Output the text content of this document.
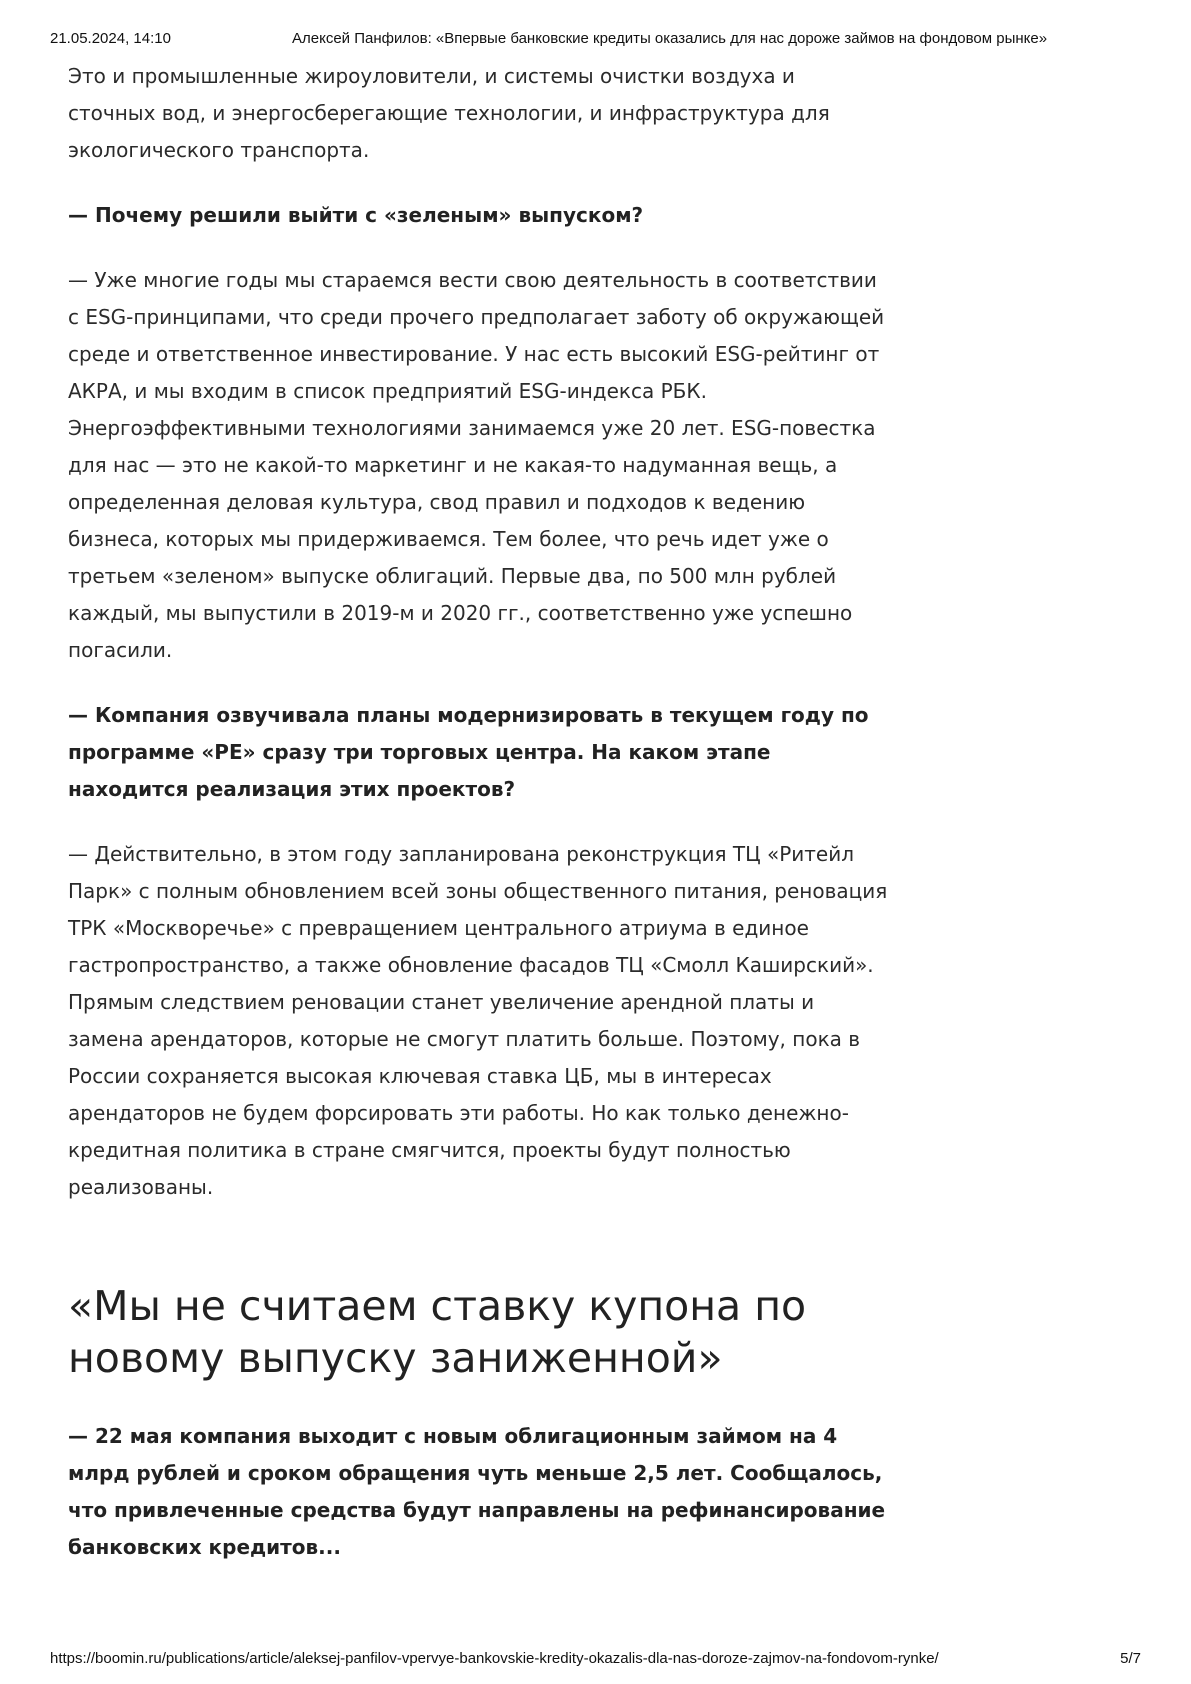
21.05.2024, 14:10	Алексей Панфилов: «Впервые банковские кредиты оказались для нас дороже займов на фондовом рынке»

Это и промышленные жироуловители, и системы очистки воздуха и сточных вод, и энергосберегающие технологии, и инфраструктура для экологического транспорта.

— Почему решили выйти с «зеленым» выпуском?

— Уже многие годы мы стараемся вести свою деятельность в соответствии с ESG-принципами, что среди прочего предполагает заботу об окружающей среде и ответственное инвестирование. У нас есть высокий ESG-рейтинг от АКРА, и мы входим в список предприятий ESG-индекса РБК. Энергоэффективными технологиями занимаемся уже 20 лет. ESG-повестка для нас — это не какой-то маркетинг и не какая-то надуманная вещь, а определенная деловая культура, свод правил и подходов к ведению бизнеса, которых мы придерживаемся. Тем более, что речь идет уже о третьем «зеленом» выпуске облигаций. Первые два, по 500 млн рублей каждый, мы выпустили в 2019-м и 2020 гг., соответственно уже успешно погасили.

— Компания озвучивала планы модернизировать в текущем году по программе «РЕ» сразу три торговых центра. На каком этапе находится реализация этих проектов?

— Действительно, в этом году запланирована реконструкция ТЦ «Ритейл Парк» с полным обновлением всей зоны общественного питания, реновация ТРК «Москворечье» с превращением центрального атриума в единое гастропространство, а также обновление фасадов ТЦ «Смолл Каширский». Прямым следствием реновации станет увеличение арендной платы и замена арендаторов, которые не смогут платить больше. Поэтому, пока в России сохраняется высокая ключевая ставка ЦБ, мы в интересах арендаторов не будем форсировать эти работы. Но как только денежно-кредитная политика в стране смягчится, проекты будут полностью реализованы.

«Мы не считаем ставку купона по новому выпуску заниженной»

— 22 мая компания выходит с новым облигационным займом на 4 млрд рублей и сроком обращения чуть меньше 2,5 лет. Сообщалось, что привлеченные средства будут направлены на рефинансирование банковских кредитов...

https://boomin.ru/publications/article/aleksej-panfilov-vpervye-bankovskie-kredity-okazalis-dla-nas-doroze-zajmov-na-fondovom-rynke/	5/7
